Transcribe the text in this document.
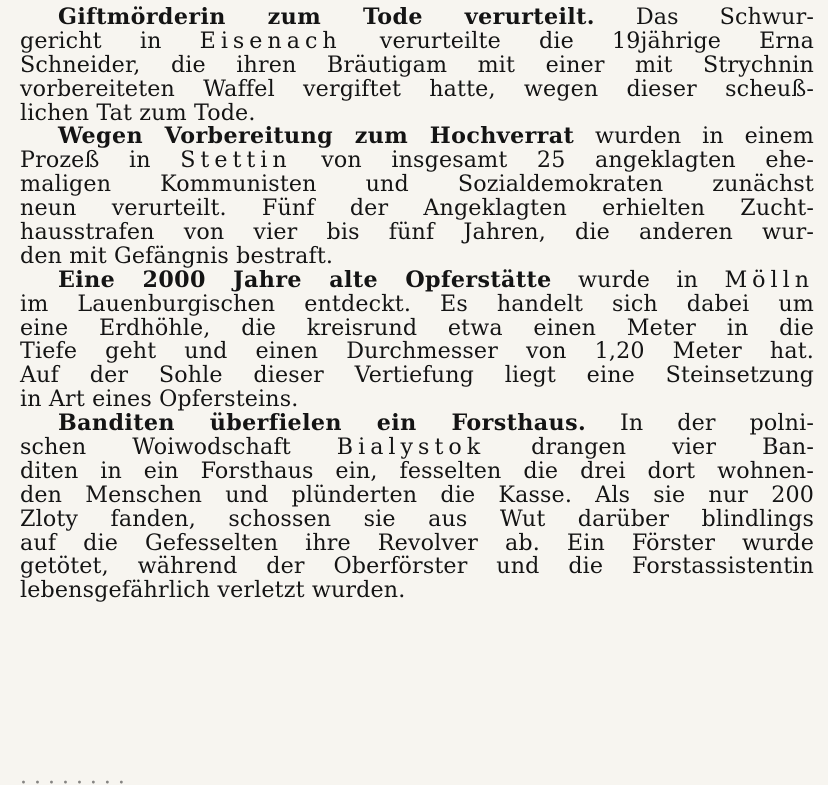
Giftmörderin zum Tode verurteilt. Das Schwur-
gericht in Eisenach verurteilte die 19jährige Erna
Schneider, die ihren Bräutigam mit einer mit Strychnin
vorbereiteten Waffel vergiftet hatte, wegen dieser scheuß-
lichen Tat zum Tode.
Wegen Vorbereitung zum Hochverrat wurden in einem
Prozeß in Stettin von insgesamt 25 angeklagten ehe-
maligen Kommunisten und Sozialdemokraten zunächst
neun verurteilt. Fünf der Angeklagten erhielten Zucht-
hausstrafen von vier bis fünf Jahren, die anderen wur-
den mit Gefängnis bestraft.
Eine 2000 Jahre alte Opferstätte wurde in Mölln
im Lauenburgischen entdeckt. Es handelt sich dabei um
eine Erdhöhle, die kreisrund etwa einen Meter in die
Tiefe geht und einen Durchmesser von 1,20 Meter hat.
Auf der Sohle dieser Vertiefung liegt eine Steinsetzung
in Art eines Opfersteins.
Banditen überfielen ein Forsthaus. In der polni-
schen Woiwodschaft Bialystok drangen vier Ban-
diten in ein Forsthaus ein, fesselten die drei dort wohnen-
den Menschen und plünderten die Kasse. Als sie nur 200
Zloty fanden, schossen sie aus Wut darüber blindlings
auf die Gefesselten ihre Revolver ab. Ein Förster wurde
getötet, während der Oberförster und die Forstassistentin
lebensgefährlich verletzt wurden.
· · · · · · · ·
